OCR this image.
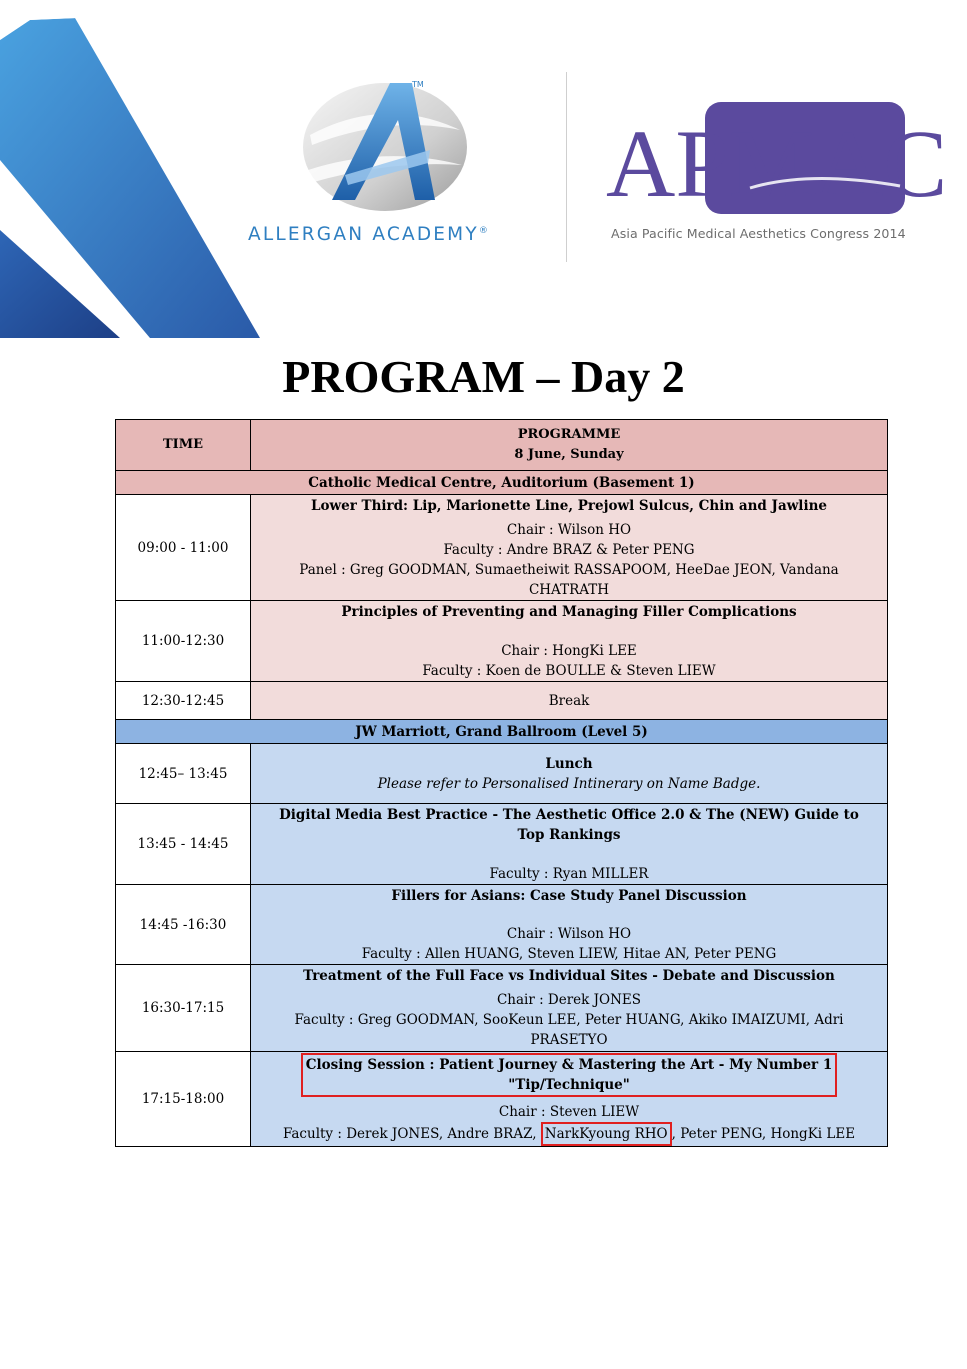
TM
ALLERGAN ACADEMY®
APMAC
Asia Pacific Medical Aesthetics Congress 2014
PROGRAM – Day 2
TIME	PROGRAMME
8 June, Sunday

Catholic Medical Centre, Auditorium (Basement 1)	
09:00 - 11:00	Lower Third: Lip, Marionette Line, Prejowl Sulcus, Chin and Jawline
Chair : Wilson HO
Faculty : Andre BRAZ & Peter PENG
Panel : Greg GOODMAN, Sumaetheiwit RASSAPOOM, HeeDae JEON, Vandana CHATRATH

11:00-12:30	Principles of Preventing and Managing Filler Complications
Chair : HongKi LEE
Faculty : Koen de BOULLE & Steven LIEW

12:30-12:45	Break
JW Marriott, Grand Ballroom (Level 5)	
12:45– 13:45	Lunch
Please refer to Personalised Intinerary on Name Badge.

13:45 - 14:45	Digital Media Best Practice - The Aesthetic Office 2.0 & The (NEW) Guide to Top Rankings
Faculty : Ryan MILLER

14:45 -16:30	Fillers for Asians: Case Study Panel Discussion
Chair : Wilson HO
Faculty : Allen HUANG, Steven LIEW, Hitae AN, Peter PENG

16:30-17:15	Treatment of the Full Face vs Individual Sites - Debate and Discussion
Chair : Derek JONES
Faculty : Greg GOODMAN, SooKeun LEE, Peter HUANG, Akiko IMAIZUMI, Adri PRASETYO

17:15-18:00	Closing Session : Patient Journey & Mastering the Art - My Number 1 "Tip/Technique"
Chair : Steven LIEW
Faculty : Derek JONES, Andre BRAZ, NarkKyoung RHO , Peter PENG, HongKi LEE
